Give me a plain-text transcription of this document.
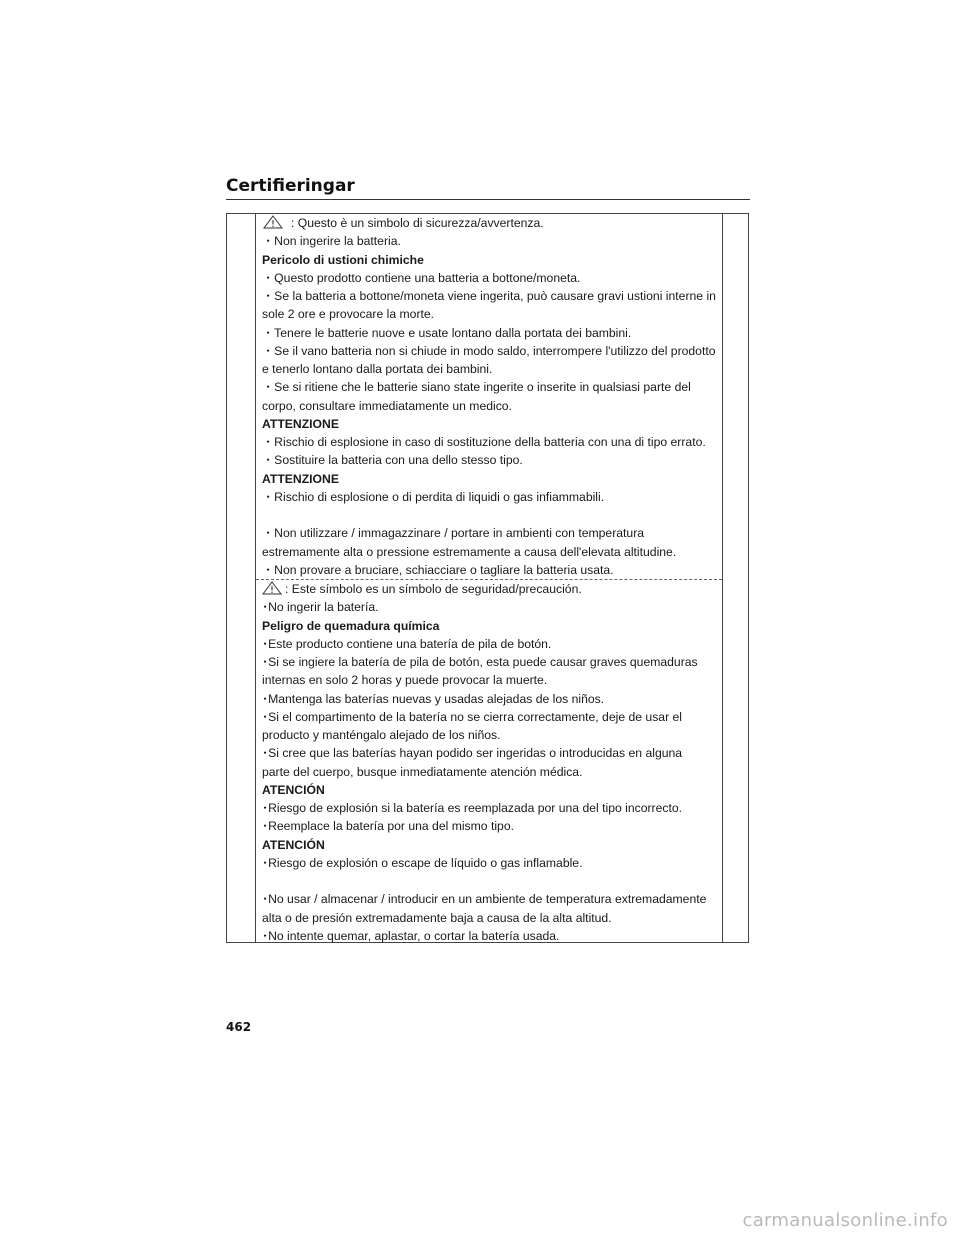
Certifieringar
: Questo è un simbolo di sicurezza/avvertenza.
・Non ingerire la batteria.
Pericolo di ustioni chimiche
・Questo prodotto contiene una batteria a bottone/moneta.
・Se la batteria a bottone/moneta viene ingerita, può causare gravi ustioni interne in
sole 2 ore e provocare la morte.
・Tenere le batterie nuove e usate lontano dalla portata dei bambini.
・Se il vano batteria non si chiude in modo saldo, interrompere l'utilizzo del prodotto
e tenerlo lontano dalla portata dei bambini.
・Se si ritiene che le batterie siano state ingerite o inserite in qualsiasi parte del
corpo, consultare immediatamente un medico.
ATTENZIONE
・Rischio di esplosione in caso di sostituzione della batteria con una di tipo errato.
・Sostituire la batteria con una dello stesso tipo.
ATTENZIONE
・Rischio di esplosione o di perdita di liquidi o gas infiammabili.
・Non utilizzare / immagazzinare / portare in ambienti con temperatura
estremamente alta o pressione estremamente a causa dell'elevata altitudine.
・Non provare a bruciare, schiacciare o tagliare la batteria usata.
: Este símbolo es un símbolo de seguridad/precaución.
･No ingerir la batería.
Peligro de quemadura química
･Este producto contiene una batería de pila de botón.
･Si se ingiere la batería de pila de botón, esta puede causar graves quemaduras
internas en solo 2 horas y puede provocar la muerte.
･Mantenga las baterías nuevas y usadas alejadas de los niños.
･Si el compartimento de la batería no se cierra correctamente, deje de usar el
producto y manténgalo alejado de los niños.
･Si cree que las baterías hayan podido ser ingeridas o introducidas en alguna
parte del cuerpo, busque inmediatamente atención médica.
ATENCIÓN
･Riesgo de explosión si la batería es reemplazada por una del tipo incorrecto.
･Reemplace la batería por una del mismo tipo.
ATENCIÓN
･Riesgo de explosión o escape de líquido o gas inflamable.
･No usar / almacenar / introducir en un ambiente de temperatura extremadamente
alta o de presión extremadamente baja a causa de la alta altitud.
･No intente quemar, aplastar, o cortar la batería usada.
462
carmanualsonline.info
